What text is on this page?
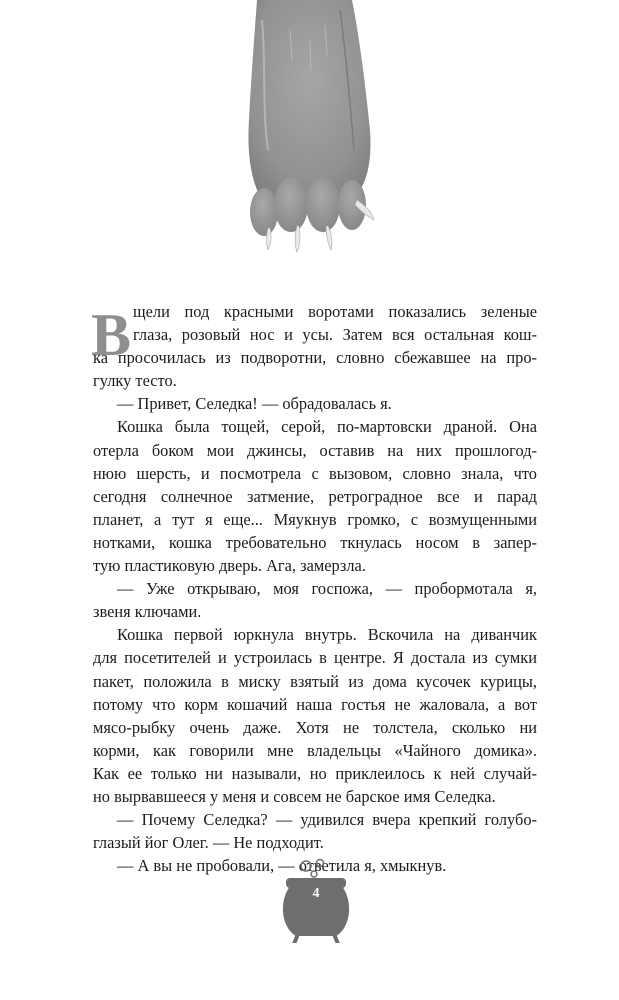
В щели под красными воротами показались зеленые
глаза, розовый нос и усы. Затем вся остальная кош-
ка просочилась из подворотни, словно сбежавшее на про-
гулку тесто.
— Привет, Селедка! — обрадовалась я.
Кошка была тощей, серой, по-мартовски драной. Она
отерла боком мои джинсы, оставив на них прошлогод-
нюю шерсть, и посмотрела с вызовом, словно знала, что
сегодня солнечное затмение, ретроградное все и парад
планет, а тут я еще... Мяукнув громко, с возмущенными
нотками, кошка требовательно ткнулась носом в запер-
тую пластиковую дверь. Ага, замерзла.
— Уже открываю, моя госпожа, — пробормотала я,
звеня ключами.
Кошка первой юркнула внутрь. Вскочила на диванчик
для посетителей и устроилась в центре. Я достала из сумки
пакет, положила в миску взятый из дома кусочек курицы,
потому что корм кошачий наша гостья не жаловала, а вот
мясо-рыбку очень даже. Хотя не толстела, сколько ни
корми, как говорили мне владельцы «Чайного домика».
Как ее только ни называли, но приклеилось к ней случай-
но вырвавшееся у меня и совсем не барское имя Селедка.
— Почему Селедка? — удивился вчера крепкий голубо-
глазый йог Олег. — Не подходит.
— А вы не пробовали, — ответила я, хмыкнув.
4
